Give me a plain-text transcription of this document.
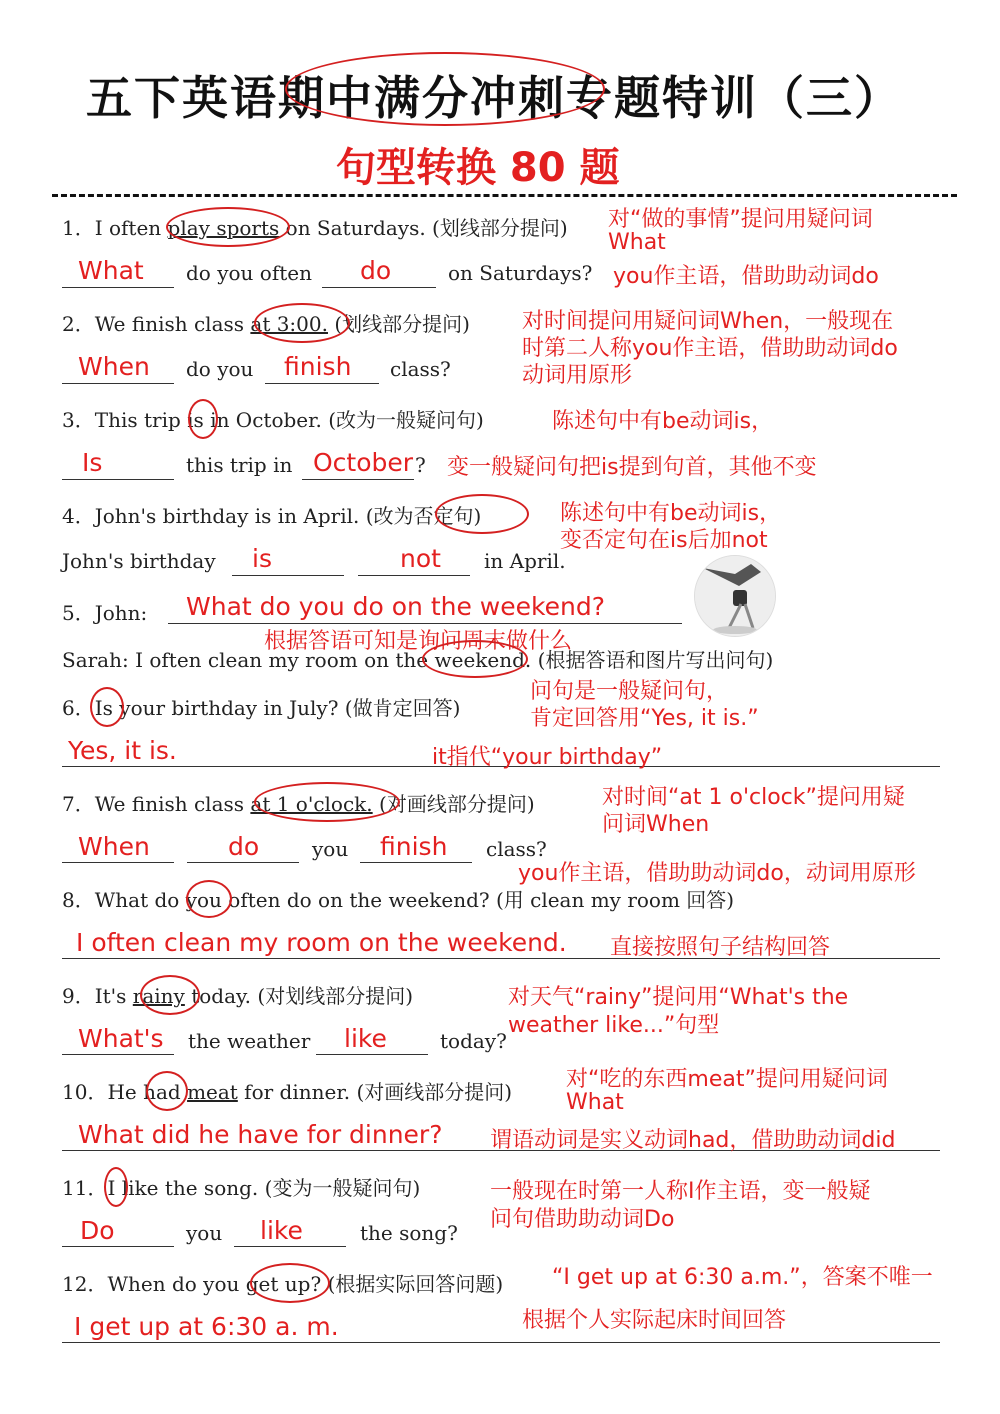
五下英语期中满分冲刺专题特训（三）
句型转换 80 题
1．I often play sports on Saturdays. (划线部分提问) 对“做的事情”提问用疑问词
What
What do you often do	on Saturdays? you作主语，借助助动词do
2．We finish class at 3:00. (划线部分提问) 对时间提问用疑问词When，一般现在
时第二人称you作主语，借助助动词do
动词用原形
When do you finish class?
3．This trip is in October. (改为一般疑问句)	陈述句中有be动词is，
Is	this trip in October ? 变一般疑问句把is提到句首，其他不变
4．John's birthday is in April. (改为否定句)	陈述句中有be动词is，
变否定句在is后加not
John's birthday is	not in April.
5．John: What do you do on the weekend?
根据答语可知是询问周末做什么
Sarah: I often clean my room on the weekend. (根据答语和图片写出问句)
问句是一般疑问句，
肯定回答用“Yes, it is.”
6．Is your birthday in July? (做肯定回答)
Yes, it is.	it指代“your birthday”
7．We finish class at 1 o'clock. (对画线部分提问)	对时间“at 1 o'clock”提问用疑
问词When
When	do	you finish class?
you作主语，借助助动词do，动词用原形
8．What do you often do on the weekend? (用 clean my room 回答)
I often clean my room on the weekend. 直接按照句子结构回答
9．It's rainy today. (对划线部分提问)	对天气“rainy”提问用“What's the
weather like...”句型
What's the weather like	today?
10．He had meat for dinner. (对画线部分提问) 对“吃的东西meat”提问用疑问词
What
What did he have for dinner? 谓语动词是实义动词had，借助助动词did
11．I like the song. (变为一般疑问句)	一般现在时第一人称I作主语，变一般疑
问句借助助动词Do
Do	you like	the song?
12．When do you get up? (根据实际回答问题) “I get up at 6:30 a.m.”，答案不唯一
根据个人实际起床时间回答
I get up at 6:30 a. m.
